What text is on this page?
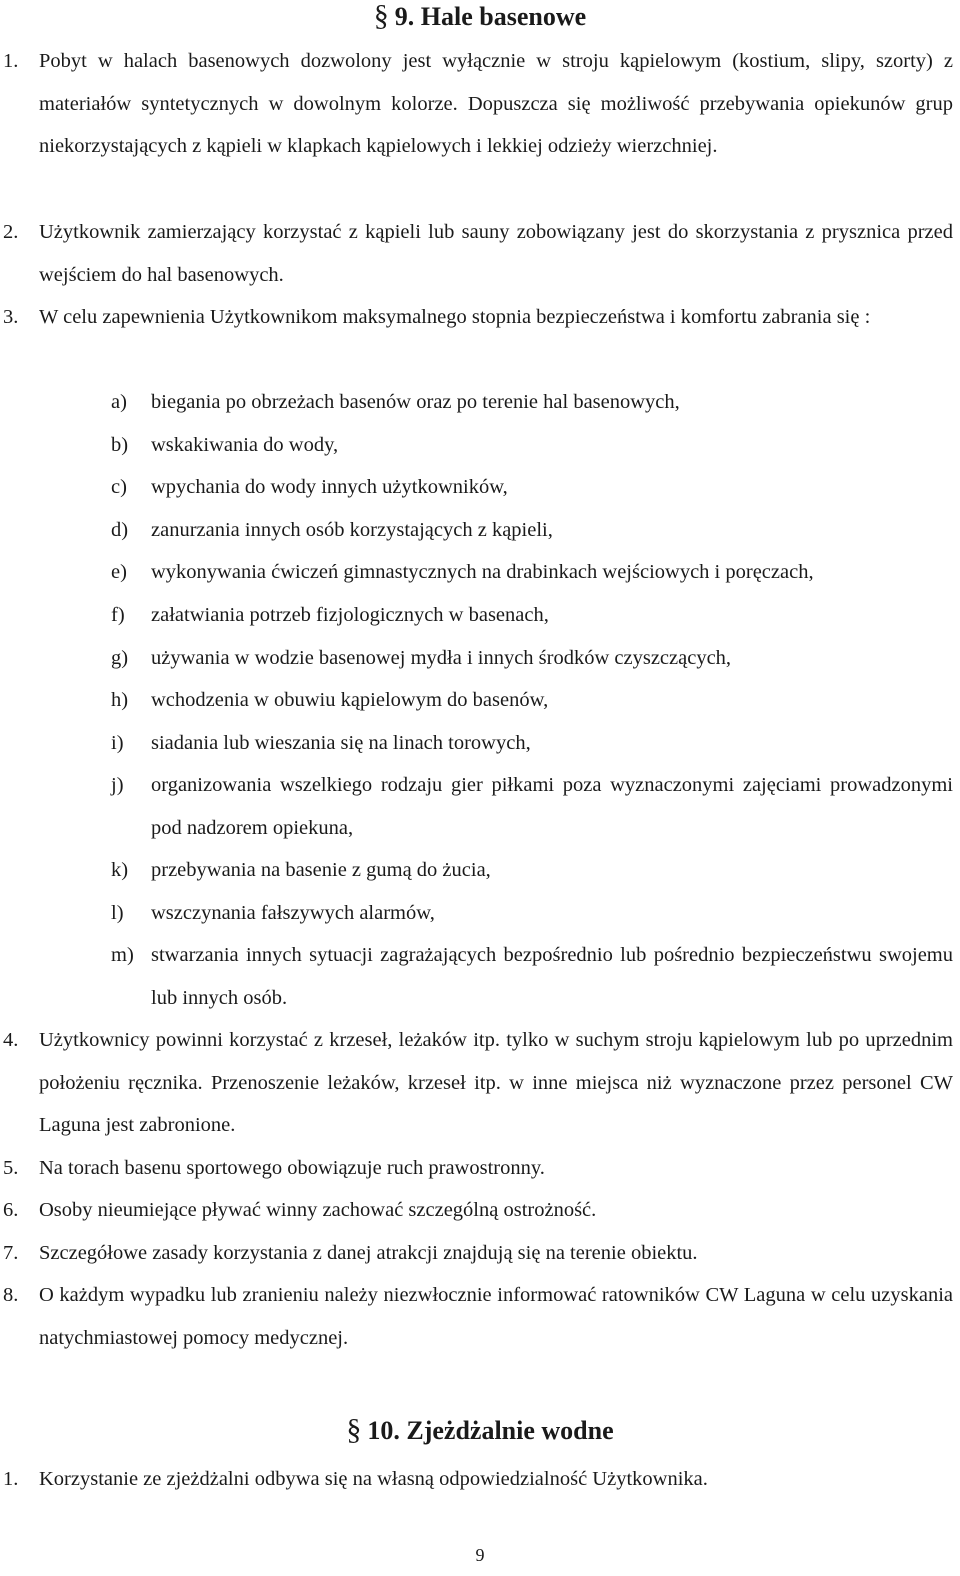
§ 9. Hale basenowe
1. Pobyt w halach basenowych dozwolony jest wyłącznie w stroju kąpielowym (kostium, slipy, szorty) z materiałów syntetycznych w dowolnym kolorze. Dopuszcza się możliwość przebywania opiekunów grup niekorzystających z kąpieli w klapkach kąpielowych i lekkiej odzieży wierzchniej.
2. Użytkownik zamierzający korzystać z kąpieli lub sauny zobowiązany jest do skorzystania z prysznica przed wejściem do hal basenowych.
3. W celu zapewnienia Użytkownikom maksymalnego stopnia bezpieczeństwa i komfortu zabrania się :
a) biegania po obrzeżach basenów oraz po terenie hal basenowych,
b) wskakiwania do wody,
c) wpychania do wody innych użytkowników,
d) zanurzania innych osób korzystających z kąpieli,
e) wykonywania ćwiczeń gimnastycznych na drabinkach wejściowych i poręczach,
f) załatwiania potrzeb fizjologicznych w basenach,
g) używania w wodzie basenowej mydła i innych środków czyszczących,
h) wchodzenia w obuwiu kąpielowym do basenów,
i) siadania lub wieszania się na linach torowych,
j) organizowania wszelkiego rodzaju gier piłkami poza wyznaczonymi zajęciami prowadzonymi pod nadzorem opiekuna,
k) przebywania na basenie z gumą do żucia,
l) wszczynania fałszywych alarmów,
m) stwarzania innych sytuacji zagrażających bezpośrednio lub pośrednio bezpieczeństwu swojemu lub innych osób.
4. Użytkownicy powinni korzystać z krzeseł, leżaków itp. tylko w suchym stroju kąpielowym lub po uprzednim położeniu ręcznika. Przenoszenie leżaków, krzeseł itp. w inne miejsca niż wyznaczone przez personel CW Laguna jest zabronione.
5. Na torach basenu sportowego obowiązuje ruch prawostronny.
6. Osoby nieumiejące pływać winny zachować szczególną ostrożność.
7. Szczegółowe zasady korzystania z danej atrakcji znajdują się na terenie obiektu.
8. O każdym wypadku lub zranieniu należy niezwłocznie informować ratowników CW Laguna w celu uzyskania natychmiastowej pomocy medycznej.
§ 10. Zjeżdżalnie wodne
1. Korzystanie ze zjeżdżalni odbywa się na własną odpowiedzialność Użytkownika.
9
